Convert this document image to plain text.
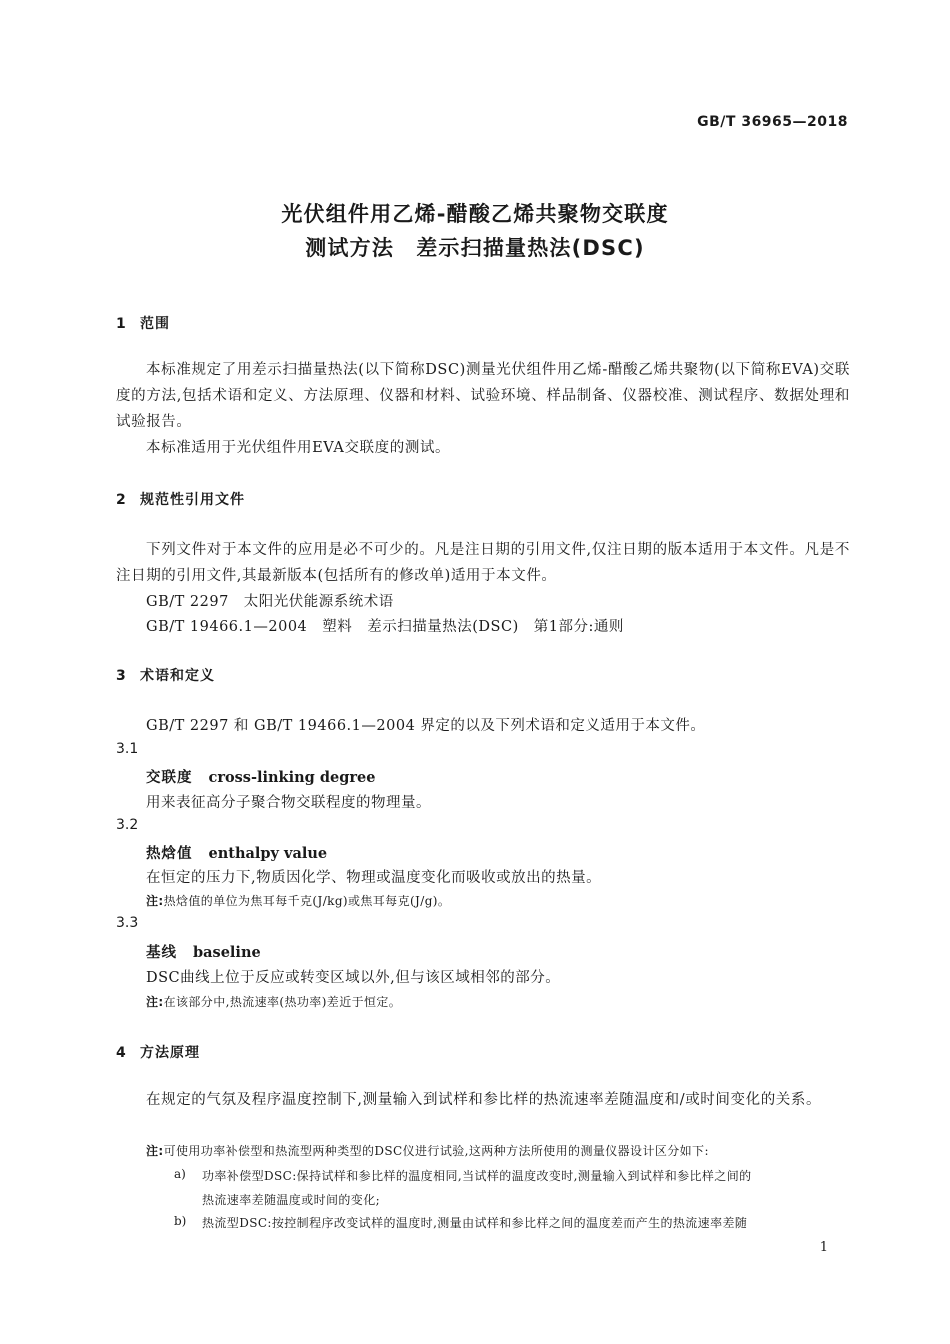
GB/T 36965—2018
光伏组件用乙烯-醋酸乙烯共聚物交联度
测试方法　差示扫描量热法(DSC)
1 范围
本标准规定了用差示扫描量热法(以下简称DSC)测量光伏组件用乙烯-醋酸乙烯共聚物(以下简称EVA)交联度的方法,包括术语和定义、方法原理、仪器和材料、试验环境、样品制备、仪器校准、测试程序、数据处理和试验报告。
本标准适用于光伏组件用EVA交联度的测试。
2 规范性引用文件
下列文件对于本文件的应用是必不可少的。凡是注日期的引用文件,仅注日期的版本适用于本文件。凡是不注日期的引用文件,其最新版本(包括所有的修改单)适用于本文件。
GB/T 2297　太阳光伏能源系统术语
GB/T 19466.1—2004　塑料　差示扫描量热法(DSC)　第1部分:通则
3 术语和定义
GB/T 2297 和 GB/T 19466.1—2004 界定的以及下列术语和定义适用于本文件。
3.1
交联度 cross-linking degree
用来表征高分子聚合物交联程度的物理量。
3.2
热焓值 enthalpy value
在恒定的压力下,物质因化学、物理或温度变化而吸收或放出的热量。
注:热焓值的单位为焦耳每千克(J/kg)或焦耳每克(J/g)。
3.3
基线 baseline
DSC曲线上位于反应或转变区域以外,但与该区域相邻的部分。
注:在该部分中,热流速率(热功率)差近于恒定。
4 方法原理
在规定的气氛及程序温度控制下,测量输入到试样和参比样的热流速率差随温度和/或时间变化的关系。
注:可使用功率补偿型和热流型两种类型的DSC仪进行试验,这两种方法所使用的测量仪器设计区分如下:
a) 功率补偿型DSC:保持试样和参比样的温度相同,当试样的温度改变时,测量输入到试样和参比样之间的
热流速率差随温度或时间的变化;
b) 热流型DSC:按控制程序改变试样的温度时,测量由试样和参比样之间的温度差而产生的热流速率差随
1
